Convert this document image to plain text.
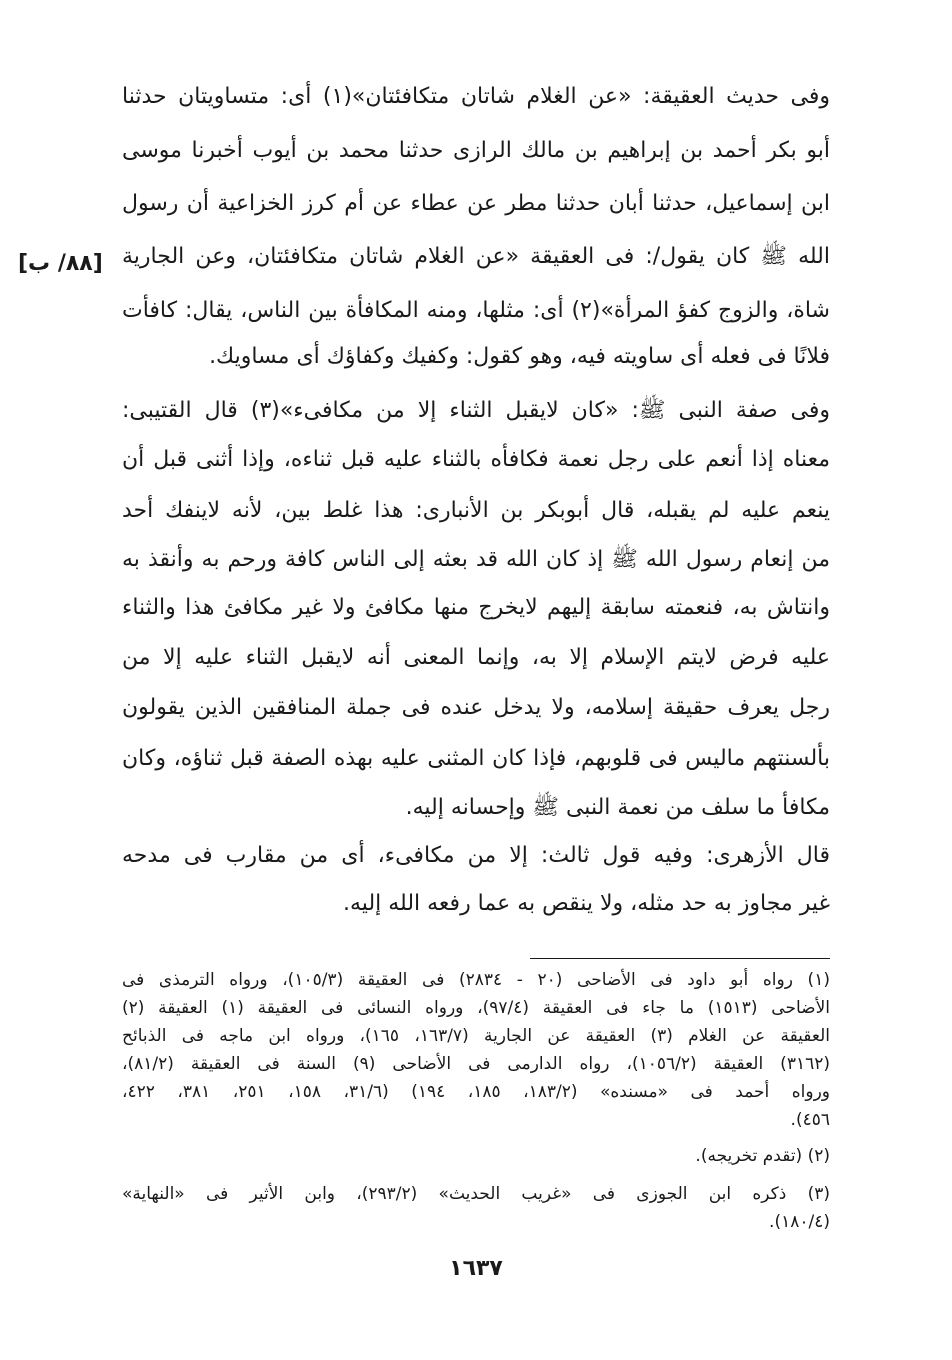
[٨٨/ ب]
وفى حديث العقيقة: «عن الغلام شاتان متكافئتان»(١) أى: متساويتان حدثنا
أبو بكر أحمد بن إبراهيم بن مالك الرازى حدثنا محمد بن أيوب أخبرنا موسى
ابن إسماعيل، حدثنا أبان حدثنا مطر عن عطاء عن أم كرز الخزاعية أن رسول
الله ﷺ كان يقول/: فى العقيقة «عن الغلام شاتان متكافئتان، وعن الجارية
شاة، والزوج كفؤ المرأة»(٢) أى: مثلها، ومنه المكافأة بين الناس، يقال: كافأت
فلانًا فى فعله أى ساويته فيه، وهو كقول: وكفيك وكفاؤك أى مساويك.
وفى صفة النبى ﷺ: «كان لايقبل الثناء إلا من مكافىء»(٣) قال القتيبى:
معناه إذا أنعم على رجل نعمة فكافأه بالثناء عليه قبل ثناءه، وإذا أثنى قبل أن
ينعم عليه لم يقبله، قال أبوبكر بن الأنبارى: هذا غلط بين، لأنه لاينفك أحد
من إنعام رسول الله ﷺ إذ كان الله قد بعثه إلى الناس كافة ورحم به وأنقذ به
وانتاش به، فنعمته سابقة إليهم لايخرج منها مكافئ ولا غير مكافئ هذا والثناء
عليه فرض لايتم الإسلام إلا به، وإنما المعنى أنه لايقبل الثناء عليه إلا من
رجل يعرف حقيقة إسلامه، ولا يدخل عنده فى جملة المنافقين الذين يقولون
بألسنتهم ماليس فى قلوبهم، فإذا كان المثنى عليه بهذه الصفة قبل ثناؤه، وكان
مكافأ ما سلف من نعمة النبى ﷺ وإحسانه إليه.
قال الأزهرى: وفيه قول ثالث: إلا من مكافىء، أى من مقارب فى مدحه
غير مجاوز به حد مثله، ولا ينقص به عما رفعه الله إليه.
(١) رواه أبو داود فى الأضاحى (٢٠ - ٢٨٣٤) فى العقيقة (١٠٥/٣)، ورواه الترمذى فى
الأضاحى (١٥١٣) ما جاء فى العقيقة (٩٧/٤)، ورواه النسائى فى العقيقة (١) العقيقة (٢)
العقيقة عن الغلام (٣) العقيقة عن الجارية (١٦٣/٧، ١٦٥)، ورواه ابن ماجه فى الذبائح
(٣١٦٢) العقيقة (١٠٥٦/٢)، رواه الدارمى فى الأضاحى (٩) السنة فى العقيقة (٨١/٢)،
ورواه أحمد فى «مسنده» (١٨٣/٢، ١٨٥، ١٩٤) (٣١/٦، ١٥٨، ٢٥١، ٣٨١، ٤٢٢،
٤٥٦).
(٢) (تقدم تخريجه).
(٣) ذكره ابن الجوزى فى «غريب الحديث» (٢٩٣/٢)، وابن الأثير فى «النهاية»
(١٨٠/٤).
١٦٣٧
